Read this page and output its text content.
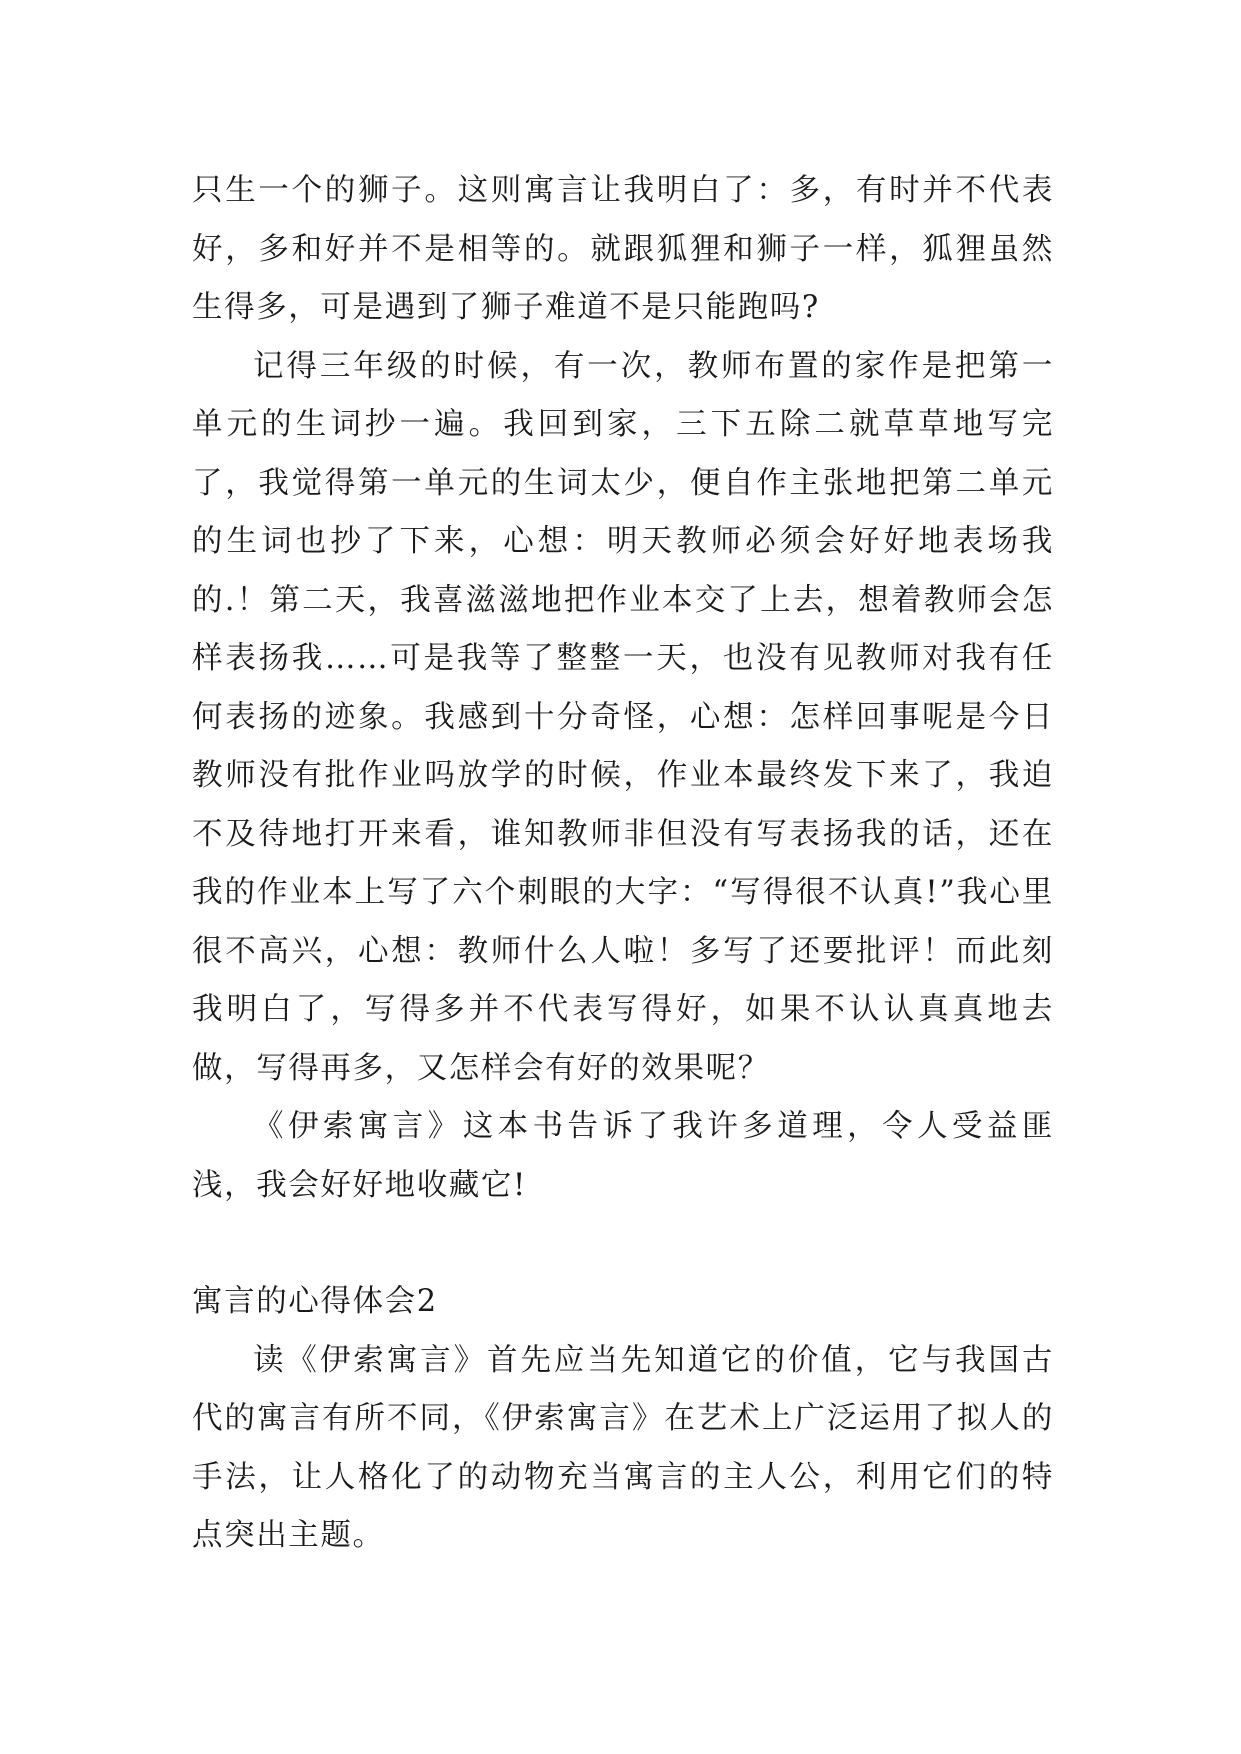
只生一个的狮子。这则寓言让我明白了：多，有时并不代表好，多和好并不是相等的。就跟狐狸和狮子一样，狐狸虽然生得多，可是遇到了狮子难道不是只能跑吗?

记得三年级的时候，有一次，教师布置的家作是把第一单元的生词抄一遍。我回到家，三下五除二就草草地写完了，我觉得第一单元的生词太少，便自作主张地把第二单元的生词也抄了下来，心想：明天教师必须会好好地表场我的.！第二天，我喜滋滋地把作业本交了上去，想着教师会怎样表扬我……可是我等了整整一天，也没有见教师对我有任何表扬的迹象。我感到十分奇怪，心想：怎样回事呢是今日教师没有批作业吗放学的时候，作业本最终发下来了，我迫不及待地打开来看，谁知教师非但没有写表扬我的话，还在我的作业本上写了六个刺眼的大字：“写得很不认真!”我心里很不高兴，心想：教师什么人啦！多写了还要批评！而此刻我明白了，写得多并不代表写得好，如果不认认真真地去做，写得再多，又怎样会有好的效果呢？

《伊索寓言》这本书告诉了我许多道理，令人受益匪浅，我会好好地收藏它!

寓言的心得体会2

读《伊索寓言》首先应当先知道它的价值，它与我国古代的寓言有所不同，《伊索寓言》在艺术上广泛运用了拟人的手法，让人格化了的动物充当寓言的主人公，利用它们的特点突出主题。
